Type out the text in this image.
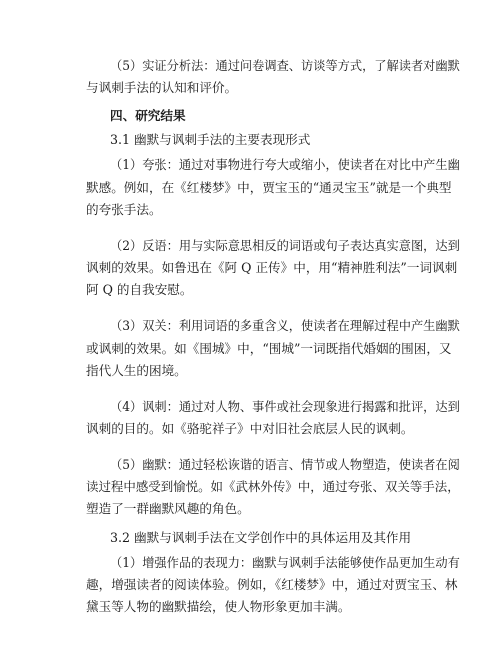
（5）实证分析法：通过问卷调查、访谈等方式，了解读者对幽默
与讽刺手法的认知和评价。
四、研究结果
3.1 幽默与讽刺手法的主要表现形式
（1）夸张：通过对事物进行夸大或缩小，使读者在对比中产生幽
默感。例如，在《红楼梦》中，贾宝玉的“通灵宝玉”就是一个典型
的夸张手法。
（2）反语：用与实际意思相反的词语或句子表达真实意图，达到
讽刺的效果。如鲁迅在《阿 Q 正传》中，用“精神胜利法”一词讽刺
阿 Q 的自我安慰。
（3）双关：利用词语的多重含义，使读者在理解过程中产生幽默
或讽刺的效果。如《围城》中，“围城”一词既指代婚姻的围困，又
指代人生的困境。
（4）讽刺：通过对人物、事件或社会现象进行揭露和批评，达到
讽刺的目的。如《骆驼祥子》中对旧社会底层人民的讽刺。
（5）幽默：通过轻松诙谐的语言、情节或人物塑造，使读者在阅
读过程中感受到愉悦。如《武林外传》中，通过夸张、双关等手法，
塑造了一群幽默风趣的角色。
3.2 幽默与讽刺手法在文学创作中的具体运用及其作用
（1）增强作品的表现力：幽默与讽刺手法能够使作品更加生动有
趣，增强读者的阅读体验。例如，《红楼梦》中，通过对贾宝玉、林
黛玉等人物的幽默描绘，使人物形象更加丰满。
